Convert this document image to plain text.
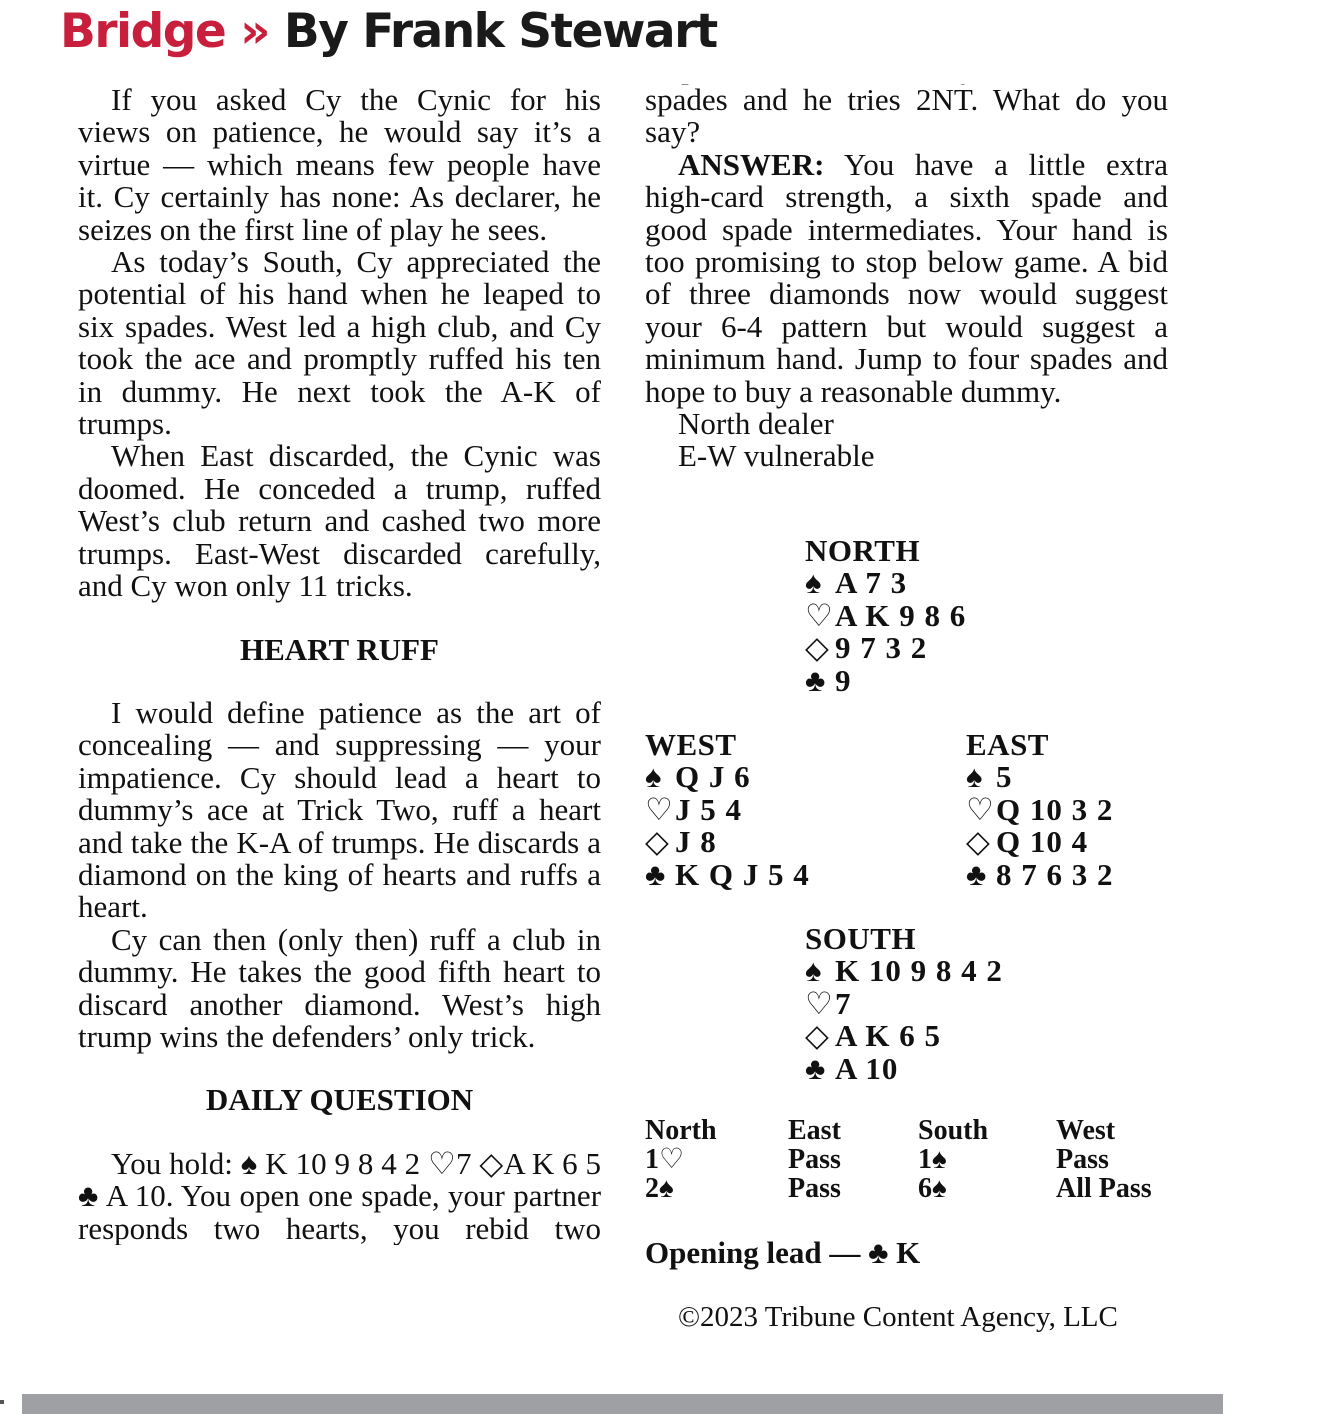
Bridge » By Frank Stewart

If you asked Cy the Cynic for his views on patience, he would say it’s a virtue — which means few people have it. Cy certainly has none: As declarer, he seizes on the first line of play he sees.

As today’s South, Cy appreciated the potential of his hand when he leaped to six spades. West led a high club, and Cy took the ace and promptly ruffed his ten in dummy. He next took the A-K of trumps.

When East discarded, the Cynic was doomed. He conceded a trump, ruffed West’s club return and cashed two more trumps. East-West discarded carefully, and Cy won only 11 tricks.

HEART RUFF

I would define patience as the art of concealing — and suppressing — your impatience. Cy should lead a heart to dummy’s ace at Trick Two, ruff a heart and take the K-A of trumps. He discards a diamond on the king of hearts and ruffs a heart.

Cy can then (only then) ruff a club in dummy. He takes the good fifth heart to discard another diamond. West’s high trump wins the defenders’ only trick.

DAILY QUESTION

You hold: ♠ K 10 9 8 4 2 ♡7 ◇A K 6 5 ♣ A 10. You open one spade, your partner responds two hearts, you rebid two

spades and he tries 2NT. What do you say?

ANSWER: You have a little extra high-card strength, a sixth spade and good spade intermediates. Your hand is too promising to stop below game. A bid of three diamonds now would suggest your 6-4 pattern but would suggest a minimum hand. Jump to four spades and hope to buy a reasonable dummy.

North dealer
E-W vulnerable
NORTH
♠ A 7 3
♡A K 9 8 6
◇ 9 7 3 2
♣ 9
WEST
♠ Q J 6
♡J 5 4
◇ J 8
♣ K Q J 5 4
EAST
♠ 5
♡Q 10 3 2
◇ Q 10 4
♣ 8 7 6 3 2
SOUTH
♠ K 10 9 8 4 2
♡7
◇ A K 6 5
♣ A 10
North	East	South	West
1♡	Pass	1♠	Pass
2♠	Pass	6♠	All Pass
Opening lead — ♣ K
©2023 Tribune Content Agency, LLC
